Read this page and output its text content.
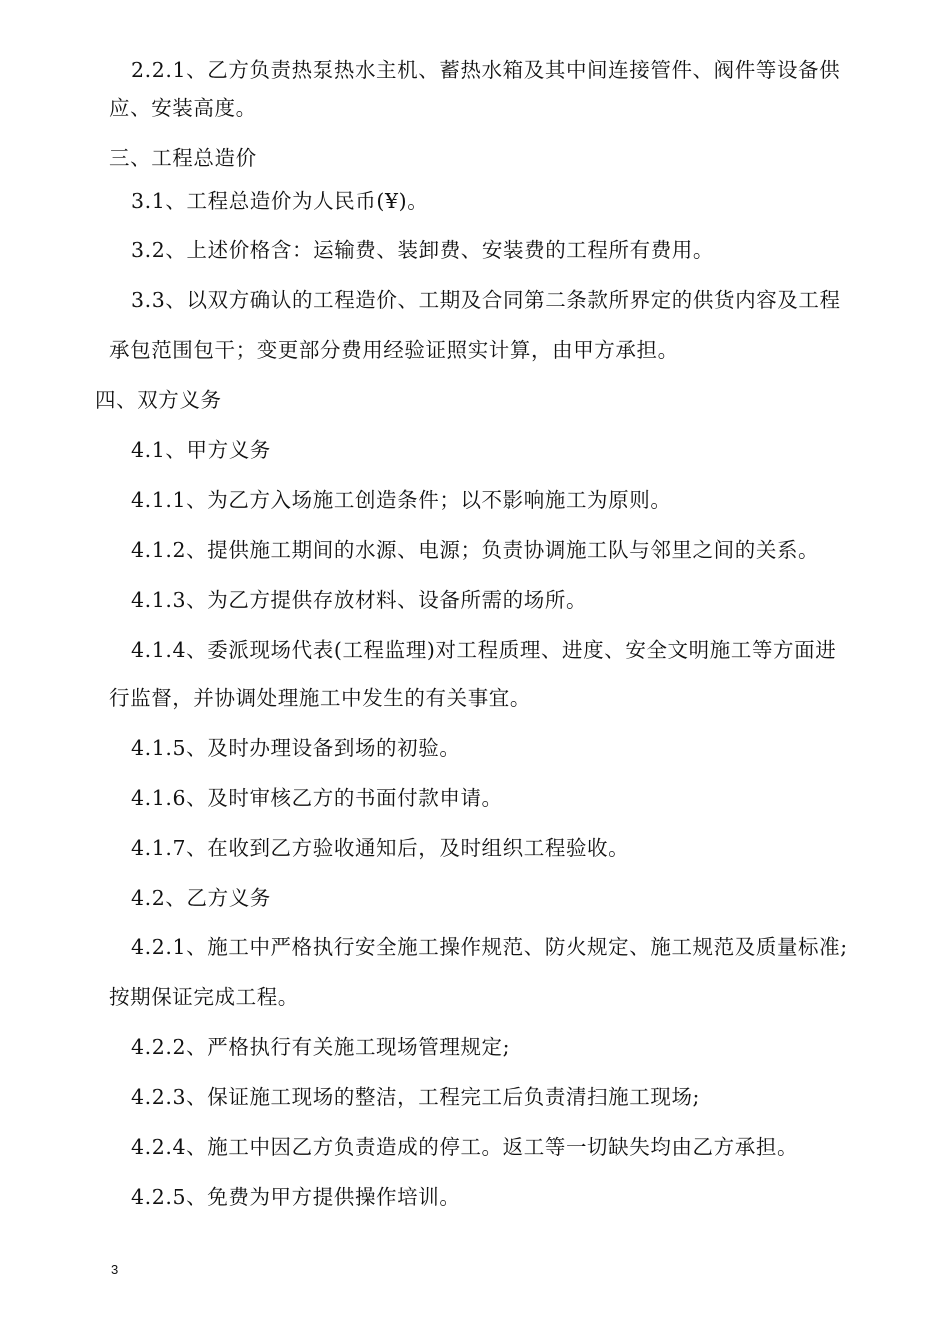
2.2.1、乙方负责热泵热水主机、蓄热水箱及其中间连接管件、阀件等设备供
应、安装高度。
三、工程总造价
3.1、工程总造价为人民币(¥)。
3.2、上述价格含：运输费、装卸费、安装费的工程所有费用。
3.3、以双方确认的工程造价、工期及合同第二条款所界定的供货内容及工程
承包范围包干；变更部分费用经验证照实计算，由甲方承担。
四、双方义务
4.1、甲方义务
4.1.1、为乙方入场施工创造条件；以不影响施工为原则。
4.1.2、提供施工期间的水源、电源；负责协调施工队与邻里之间的关系。
4.1.3、为乙方提供存放材料、设备所需的场所。
4.1.4、委派现场代表(工程监理)对工程质理、进度、安全文明施工等方面进
行监督，并协调处理施工中发生的有关事宜。
4.1.5、及时办理设备到场的初验。
4.1.6、及时审核乙方的书面付款申请。
4.1.7、在收到乙方验收通知后，及时组织工程验收。
4.2、乙方义务
4.2.1、施工中严格执行安全施工操作规范、防火规定、施工规范及质量标准;
按期保证完成工程。
4.2.2、严格执行有关施工现场管理规定;
4.2.3、保证施工现场的整洁，工程完工后负责清扫施工现场;
4.2.4、施工中因乙方负责造成的停工。返工等一切缺失均由乙方承担。
4.2.5、免费为甲方提供操作培训。
3
